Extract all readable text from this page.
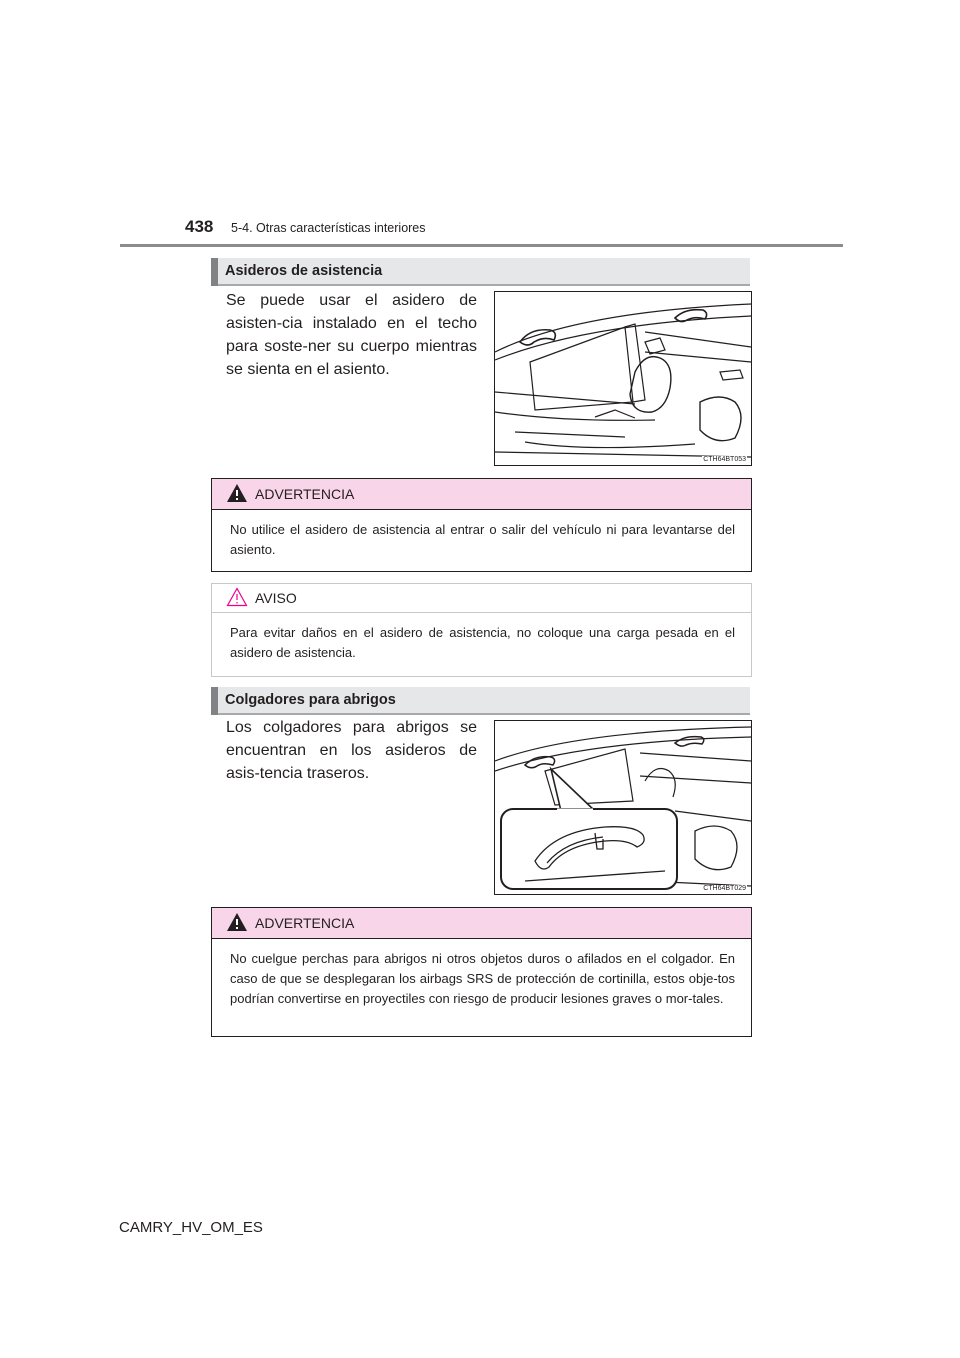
438 5-4. Otras características interiores
Asideros de asistencia
Se puede usar el asidero de asisten-cia instalado en el techo para soste-ner su cuerpo mientras se sienta en el asiento.
CTH64BT053
ADVERTENCIA
No utilice el asidero de asistencia al entrar o salir del vehículo ni para levantarse del asiento.
AVISO
Para evitar daños en el asidero de asistencia, no coloque una carga pesada en el asidero de asistencia.
Colgadores para abrigos
Los colgadores para abrigos se encuentran en los asideros de asis-tencia traseros.
CTH64BT029
ADVERTENCIA
No cuelgue perchas para abrigos ni otros objetos duros o afilados en el colgador. En caso de que se desplegaran los airbags SRS de protección de cortinilla, estos obje-tos podrían convertirse en proyectiles con riesgo de producir lesiones graves o mor-tales.
CAMRY_HV_OM_ES
